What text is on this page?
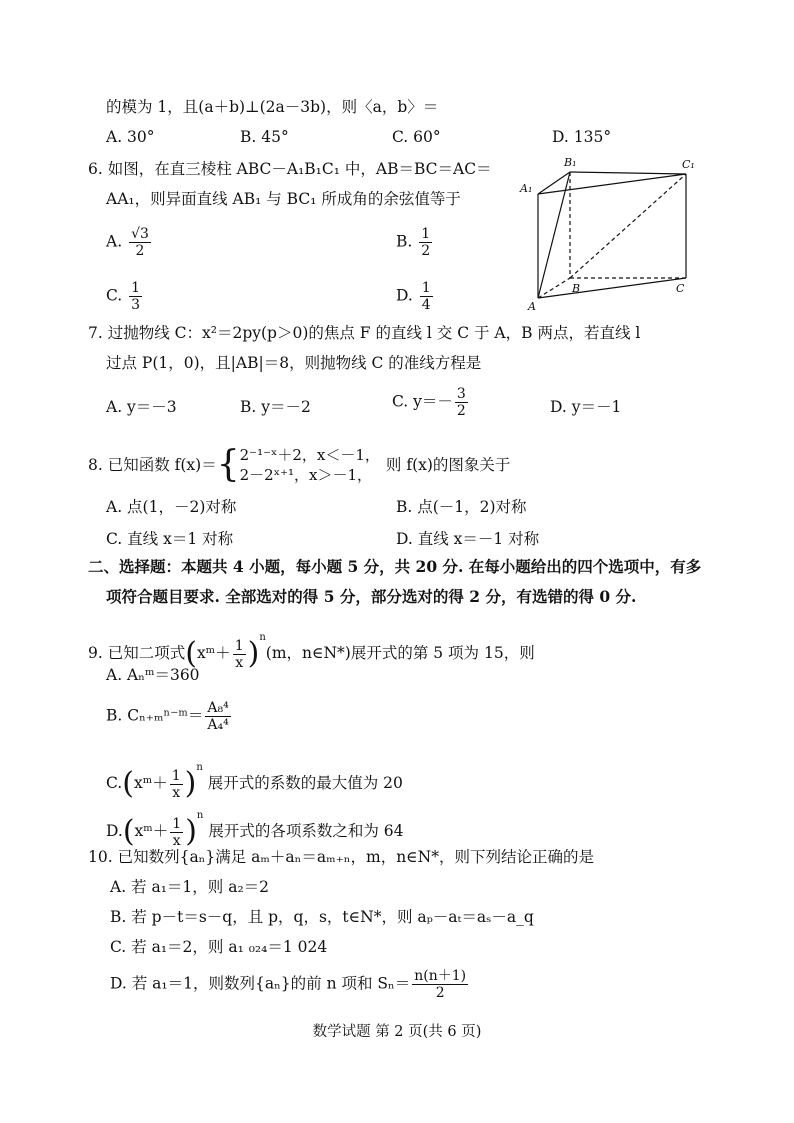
的模为 1，且(a＋b)⊥(2a－3b)，则〈a，b〉＝
A. 30°	B. 45°	C. 60°	D. 135°
6. 如图，在直三棱柱 ABC－A₁B₁C₁ 中，AB＝BC＝AC＝
AA₁，则异面直线 AB₁ 与 BC₁ 所成角的余弦值等于
A. $\frac{√3}{2}$	B. $\frac{1}{2}$
C. $\frac{1}{3}$	D. $\frac{1}{4}$
A₁
B₁	C₁
A
B	C
7. 过抛物线 C：x²＝2py(p＞0)的焦点 F 的直线 l 交 C 于 A，B 两点，若直线 l
过点 P(1，0)，且|AB|＝8，则抛物线 C 的准线方程是
A. y＝－3	B. y＝－2	C. $y=- \frac{3}{2}$	D. y＝－1
8. 已知函数 f(x)＝{ 2⁻¹⁻ˣ＋2，x＜－1，
2－2ˣ⁺¹，x＞－1，
则 f(x)的图象关于
A. 点(1，－2)对称	B. 点(－1，2)对称
C. 直线 x＝1 对称	D. 直线 x＝－1 对称
二、选择题：本题共 4 小题，每小题 5 分，共 20 分. 在每小题给出的四个选项中，有多
项符合题目要求. 全部选对的得 5 分，部分选对的得 2 分，有选错的得 0 分.
9. 已知二项式(xᵐ＋ $\frac{1}{x} )^n(m$，n∈N*)展开式的第 5 项为 15，则
A. Aₙᵐ＝360
B. Cₙ₊ₘⁿ⁻ᵐ＝ $\frac{\text{A₈⁴}}{\text{A₄⁴}}$
C.(xᵐ＋ $\frac{1}{x} )^n$ 展开式的系数的最大值为 20
D.(xᵐ＋ $\frac{1}{x} )^n$ 展开式的各项系数之和为 64
10. 已知数列{aₙ}满足 aₘ＋aₙ＝aₘ₊ₙ，m，n∈N*，则下列结论正确的是
A. 若 a₁＝1，则 a₂＝2
B. 若 p－t＝s－q，且 p，q，s，t∈N*，则 aₚ－aₜ＝aₛ－a_q
C. 若 a₁＝2，则 a₁ ₀₂₄＝1 024
D. 若 a₁＝1，则数列{aₙ}的前 n 项和 $S_n= \frac{n(n+1)}{2}$
数学试题 第 2 页(共 6 页)
